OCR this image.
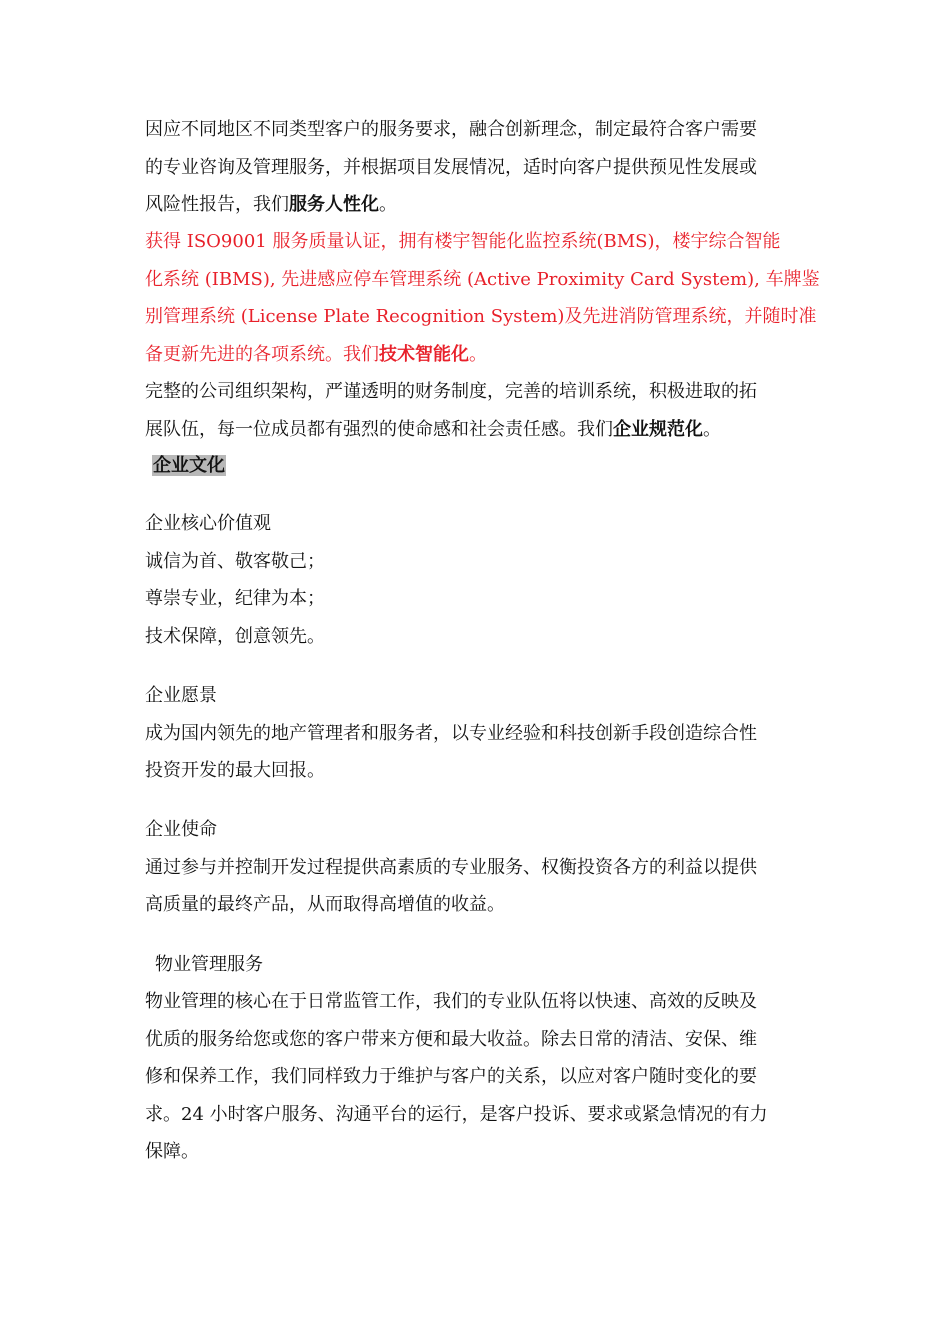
因应不同地区不同类型客户的服务要求，融合创新理念，制定最符合客户需要
的专业咨询及管理服务，并根据项目发展情况，适时向客户提供预见性发展或
风险性报告，我们服务人性化。
获得 ISO9001 服务质量认证，拥有楼宇智能化监控系统(BMS)，楼宇综合智能
化系统 (IBMS), 先进感应停车管理系统 (Active Proximity Card System), 车牌鉴
别管理系统 (License Plate Recognition System)及先进消防管理系统，并随时准
备更新先进的各项系统。我们技术智能化。
完整的公司组织架构，严谨透明的财务制度，完善的培训系统，积极进取的拓
展队伍，每一位成员都有强烈的使命感和社会责任感。我们企业规范化。
企业文化
企业核心价值观
诚信为首、敬客敬己；
尊崇专业，纪律为本；
技术保障，创意领先。
企业愿景
成为国内领先的地产管理者和服务者，以专业经验和科技创新手段创造综合性
投资开发的最大回报。
企业使命
通过参与并控制开发过程提供高素质的专业服务、权衡投资各方的利益以提供
高质量的最终产品，从而取得高增值的收益。
物业管理服务
物业管理的核心在于日常监管工作，我们的专业队伍将以快速、高效的反映及
优质的服务给您或您的客户带来方便和最大收益。除去日常的清洁、安保、维
修和保养工作，我们同样致力于维护与客户的关系，以应对客户随时变化的要
求。24 小时客户服务、沟通平台的运行，是客户投诉、要求或紧急情况的有力
保障。
